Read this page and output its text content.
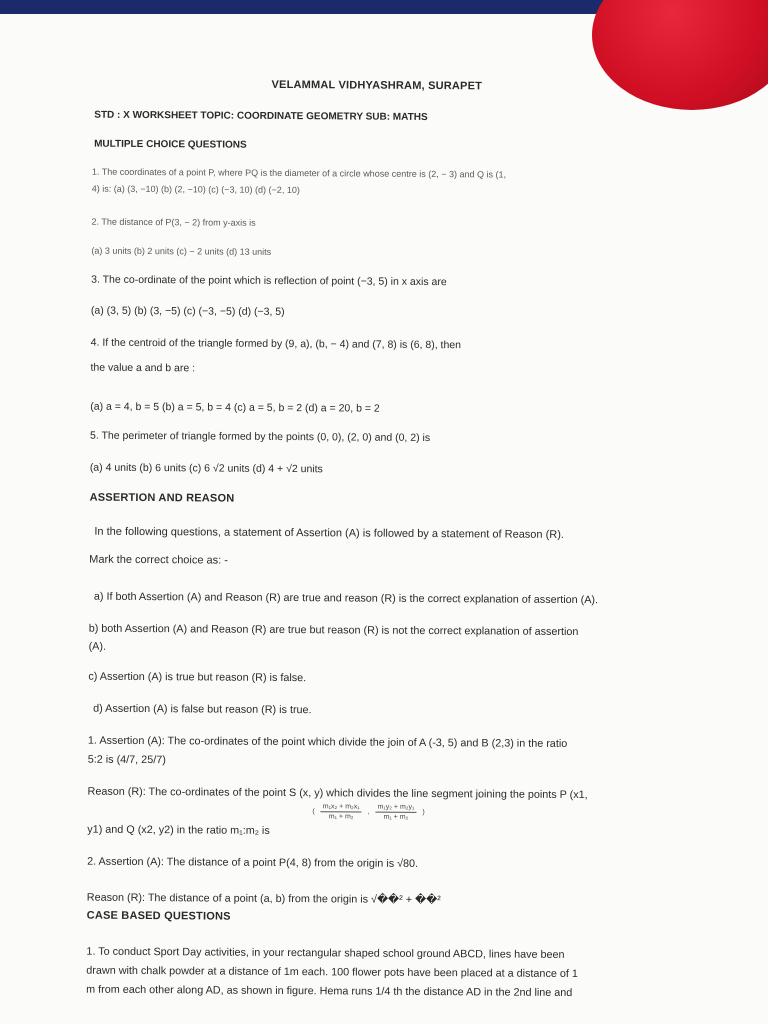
VELAMMAL VIDHYASHRAM, SURAPET

STD : X WORKSHEET TOPIC: COORDINATE GEOMETRY SUB: MATHS

MULTIPLE CHOICE QUESTIONS

1. The coordinates of a point P, where PQ is the diameter of a circle whose centre is (2, − 3) and Q is (1,

4) is: (a) (3, −10) (b) (2, −10) (c) (−3, 10) (d) (−2, 10)

2. The distance of P(3, − 2) from y-axis is

(a) 3 units (b) 2 units (c) − 2 units (d) 13 units

3. The co-ordinate of the point which is reflection of point (−3, 5) in x axis are

(a) (3, 5) (b) (3, −5) (c) (−3, −5) (d) (−3, 5)

4. If the centroid of the triangle formed by (9, a), (b, − 4) and (7, 8) is (6, 8), then

the value a and b are :

(a) a = 4, b = 5 (b) a = 5, b = 4 (c) a = 5, b = 2 (d) a = 20, b = 2

5. The perimeter of triangle formed by the points (0, 0), (2, 0) and (0, 2) is

(a) 4 units (b) 6 units (c) 6 √2 units (d) 4 + √2 units

ASSERTION AND REASON

In the following questions, a statement of Assertion (A) is followed by a statement of Reason (R).

Mark the correct choice as: -

a) If both Assertion (A) and Reason (R) are true and reason (R) is the correct explanation of assertion (A).

b) both Assertion (A) and Reason (R) are true but reason (R) is not the correct explanation of assertion

(A).

c) Assertion (A) is true but reason (R) is false.

d) Assertion (A) is false but reason (R) is true.

1. Assertion (A): The co-ordinates of the point which divide the join of A (-3, 5) and B (2,3) in the ratio

5:2 is (4/7, 25/7)

Reason (R): The co-ordinates of the point S (x, y) which divides the line segment joining the points P (x1,

y1) and Q (x2, y2) in the ratio m₁:m₂ is

( $\frac{\text{m₁x₂ + m₂x₁}}{\text{m₁ + m₂}}$ , $\frac{\text{m₁y₂ + m₂y₁}}{\text{m₁ + m₂}}$ )

2. Assertion (A): The distance of a point P(4, 8) from the origin is √80.

Reason (R): The distance of a point (a, b) from the origin is √��² + ��²

CASE BASED QUESTIONS

1. To conduct Sport Day activities, in your rectangular shaped school ground ABCD, lines have been

drawn with chalk powder at a distance of 1m each. 100 flower pots have been placed at a distance of 1

m from each other along AD, as shown in figure. Hema runs 1/4 th the distance AD in the 2nd line and
